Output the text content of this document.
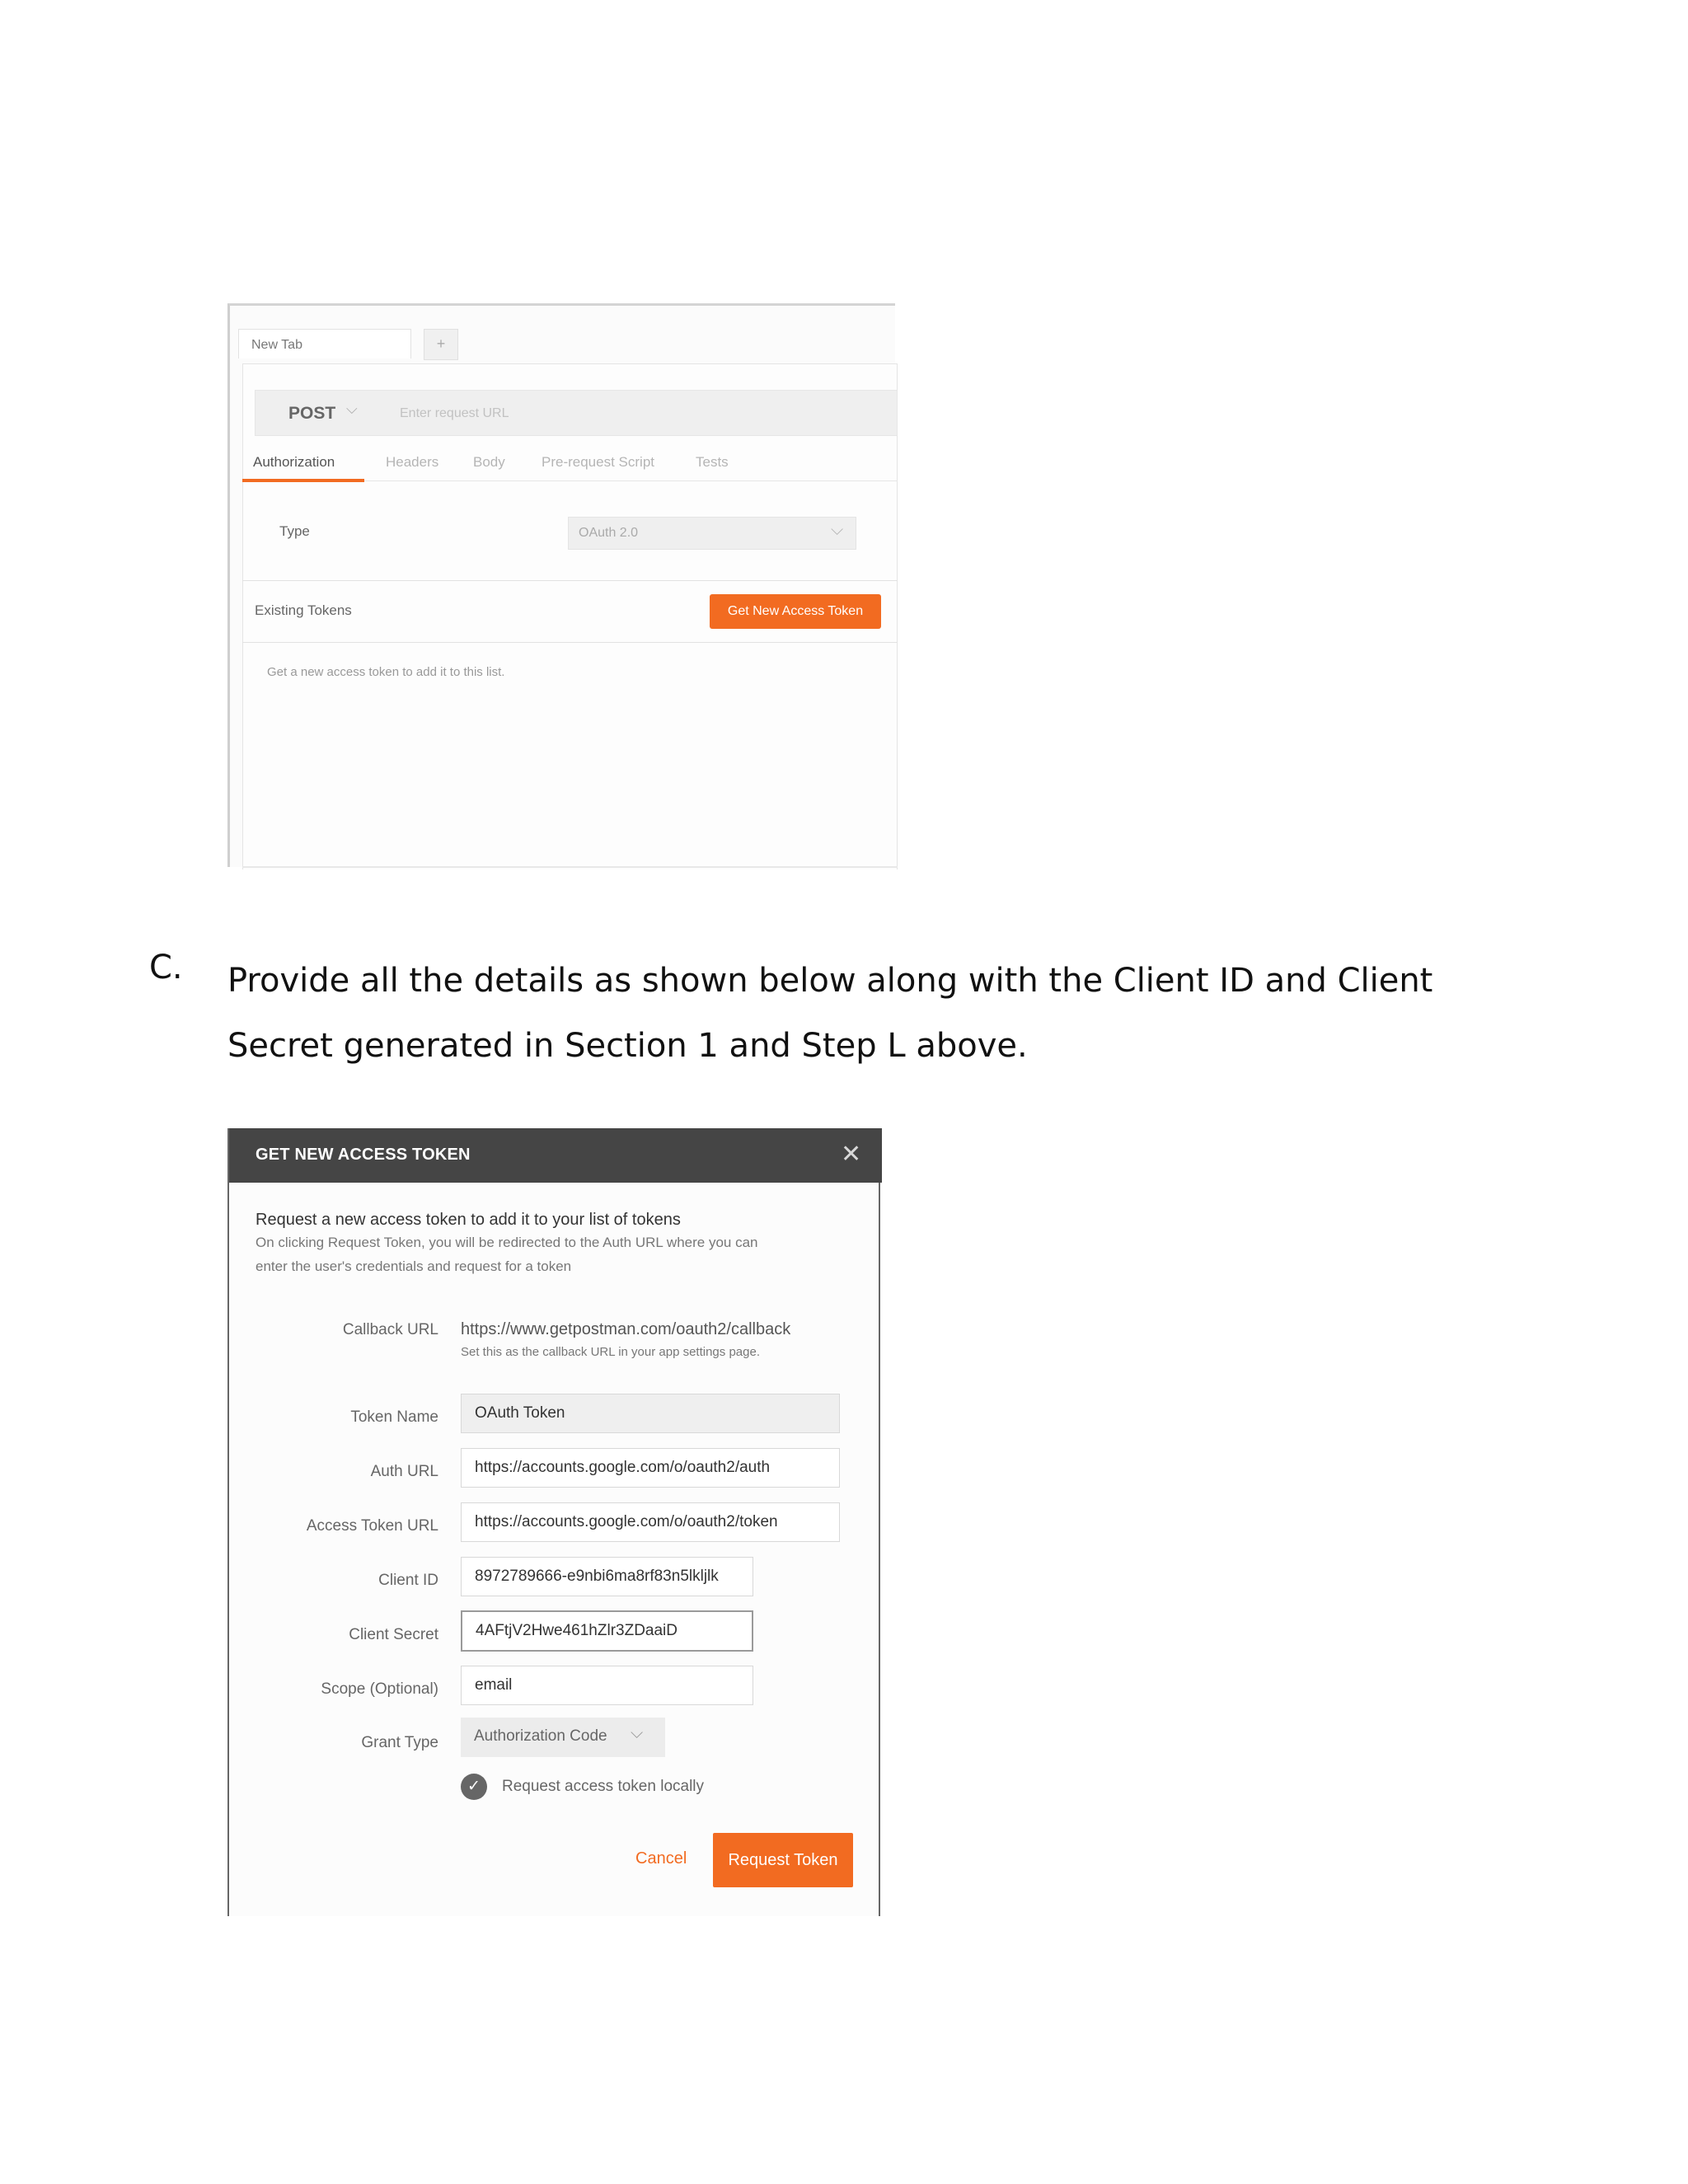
New Tab	+
POST ⌵	Enter request URL
Authorization	Headers Body	Pre-request Script	Tests
Type	OAuth 2.0	⌵
Existing Tokens	Get New Access Token
Get a new access token to add it to this list.
C. Provide all the details as shown below along with the Client ID and Client Secret generated in Section 1 and Step L above.
GET NEW ACCESS TOKEN	✕
Request a new access token to add it to your list of tokens
On clicking Request Token, you will be redirected to the Auth URL where you can
enter the user's credentials and request for a token
Callback URL https://www.getpostman.com/oauth2/callback
Set this as the callback URL in your app settings page.
Token Name	OAuth Token
Auth URL	https://accounts.google.com/o/oauth2/auth
Access Token URL	https://accounts.google.com/o/oauth2/token
Client ID	8972789666-e9nbi6ma8rf83n5lkljlk
Client Secret	4AFtjV2Hwe461hZlr3ZDaaiD
Scope (Optional)	email
Grant Type	Authorization Code ⌵
✓	Request access token locally
Cancel	Request Token
